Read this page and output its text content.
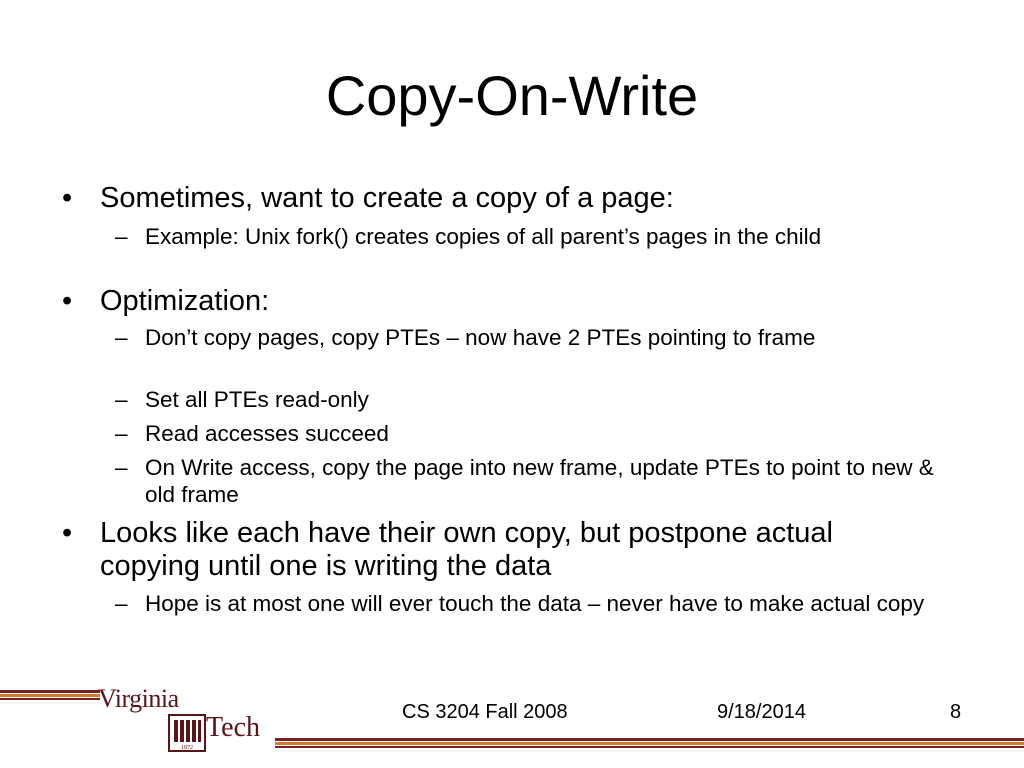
Copy-On-Write
• Sometimes, want to create a copy of a page:
– Example: Unix fork() creates copies of all parent’s pages in the child
• Optimization:
– Don’t copy pages, copy PTEs – now have 2 PTEs pointing to frame
– Set all PTEs read-only
– Read accesses succeed
– On Write access, copy the page into new frame, update PTEs to point to new & old frame
• Looks like each have their own copy, but postpone actual copying until one is writing the data
– Hope is at most one will ever touch the data – never have to make actual copy
Virginia
1872
Tech	CS 3204 Fall 2008	9/18/2014	8
